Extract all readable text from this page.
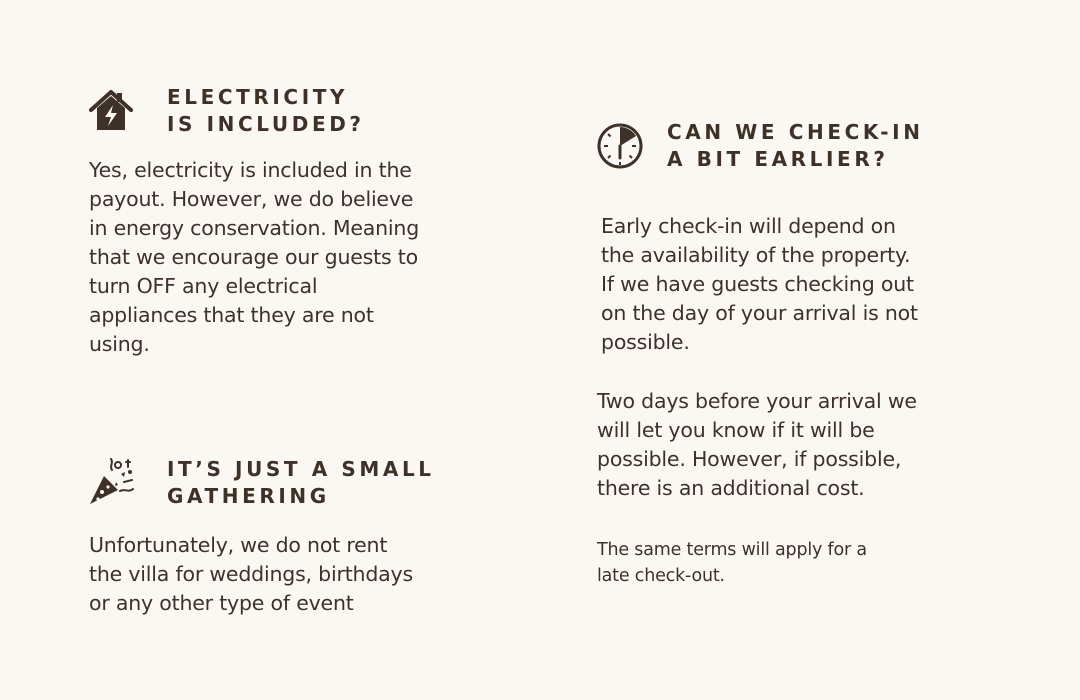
ELECTRICITY
IS INCLUDED?

Yes, electricity is included in the
payout. However, we do believe
in energy conservation. Meaning
that we encourage our guests to
turn OFF any electrical
appliances that they are not
using.

IT’S JUST A SMALL
GATHERING

Unfortunately, we do not rent
the villa for weddings, birthdays
or any other type of event

CAN WE CHECK-IN
A BIT EARLIER?

Early check-in will depend on
the availability of the property.
If we have guests checking out
on the day of your arrival is not
possible.

Two days before your arrival we
will let you know if it will be
possible. However, if possible,
there is an additional cost.

The same terms will apply for a
late check-out.
